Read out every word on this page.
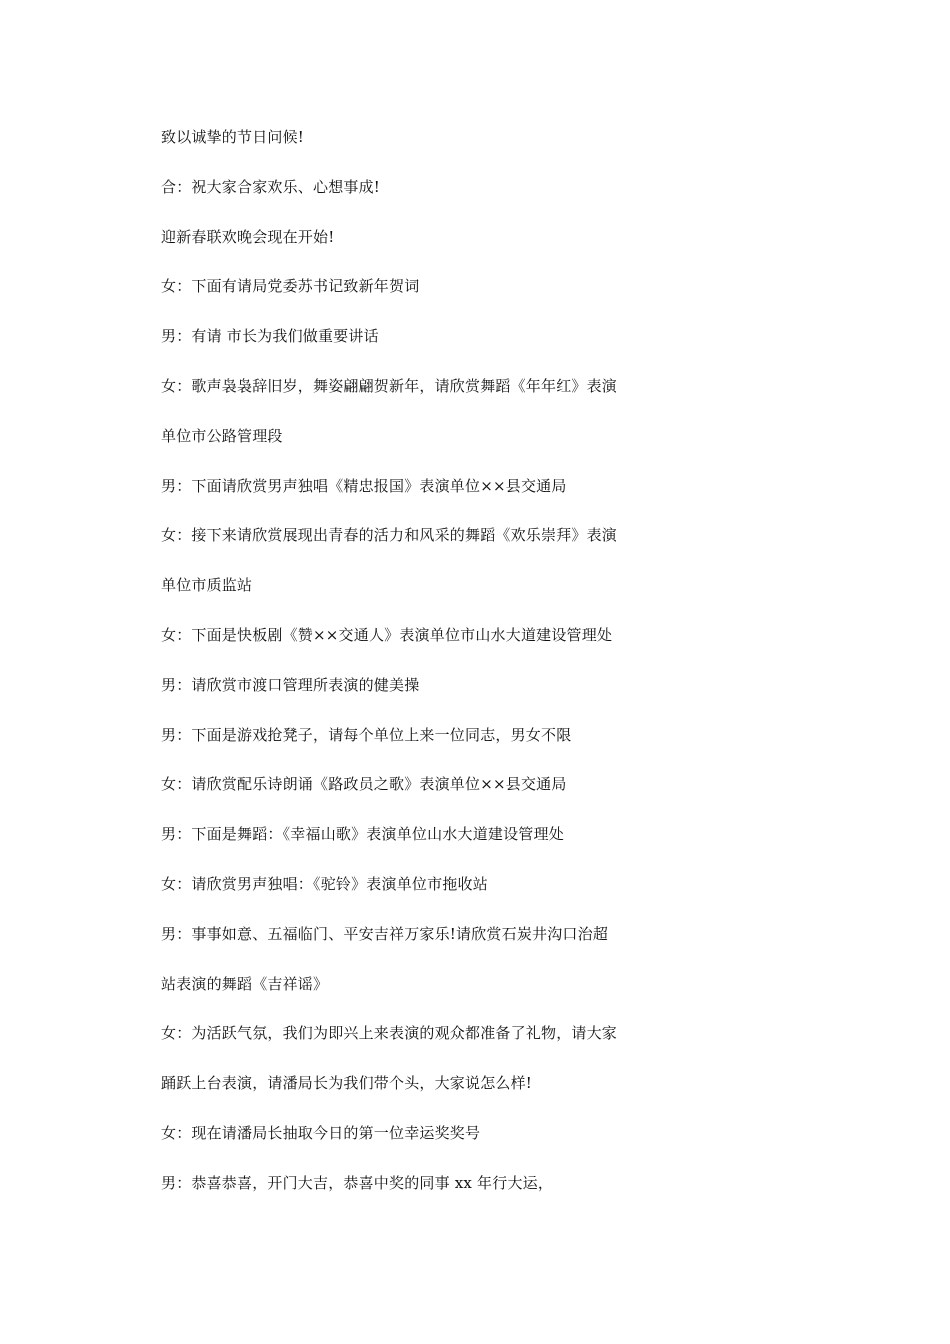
致以诚挚的节日问候!
合：祝大家合家欢乐、心想事成!
迎新春联欢晚会现在开始!
女：下面有请局党委苏书记致新年贺词
男：有请 市长为我们做重要讲话
女：歌声袅袅辞旧岁，舞姿翩翩贺新年，请欣赏舞蹈《年年红》表演
单位市公路管理段
男：下面请欣赏男声独唱《精忠报国》表演单位××县交通局
女：接下来请欣赏展现出青春的活力和风采的舞蹈《欢乐崇拜》表演
单位市质监站
女：下面是快板剧《赞××交通人》表演单位市山水大道建设管理处
男：请欣赏市渡口管理所表演的健美操
男：下面是游戏抢凳子，请每个单位上来一位同志，男女不限
女：请欣赏配乐诗朗诵《路政员之歌》表演单位××县交通局
男：下面是舞蹈：《幸福山歌》表演单位山水大道建设管理处
女：请欣赏男声独唱：《驼铃》表演单位市拖收站
男：事事如意、五福临门、平安吉祥万家乐!请欣赏石炭井沟口治超
站表演的舞蹈《吉祥谣》
女：为活跃气氛，我们为即兴上来表演的观众都准备了礼物，请大家
踊跃上台表演，请潘局长为我们带个头，大家说怎么样!
女：现在请潘局长抽取今日的第一位幸运奖奖号
男：恭喜恭喜，开门大吉，恭喜中奖的同事 xx 年行大运，
